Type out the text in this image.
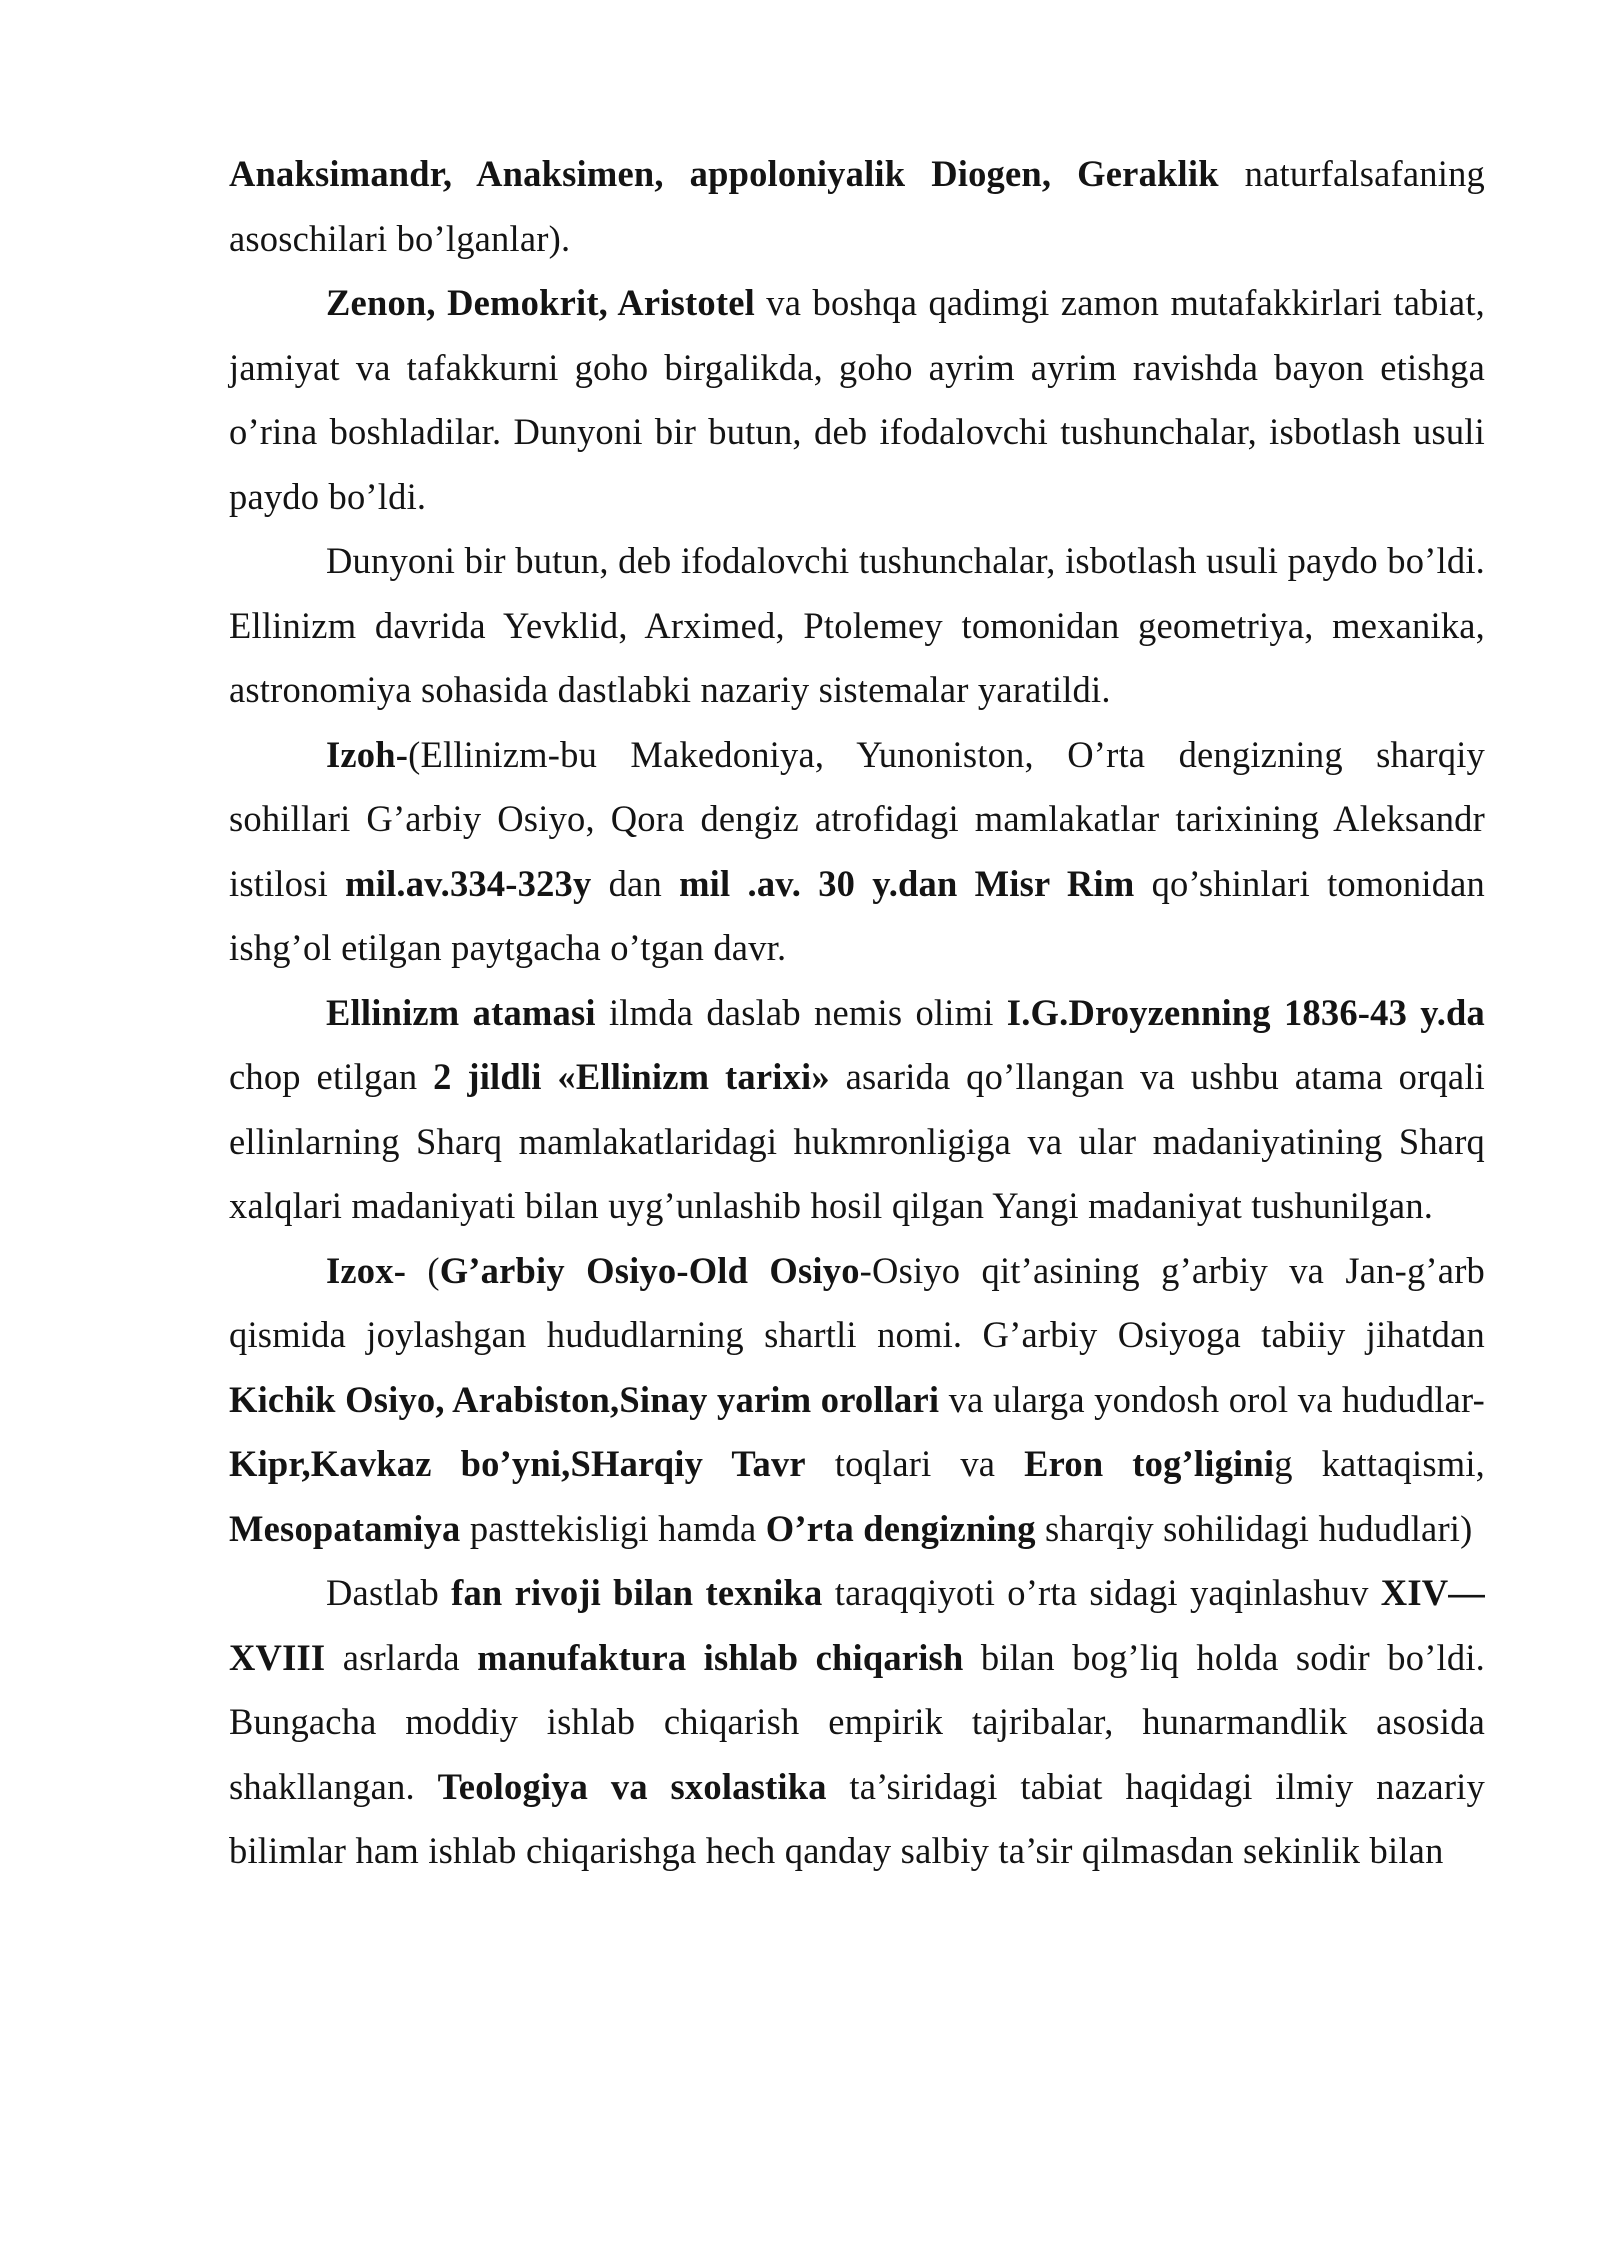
Anaksimandr, Anaksimen, appoloniyalik Diogen, Geraklik naturfalsafaning asoschilari bo’lganlar).

Zenon, Demokrit, Aristotel va boshqa qadimgi zamon mutafakkirlari tabiat, jamiyat va tafakkurni goho birgalikda, goho ayrim ayrim ravishda bayon etishga o’rina boshladilar. Dunyoni bir butun, deb ifodalovchi tushunchalar, isbotlash usuli paydo bo’ldi.

Dunyoni bir butun, deb ifodalovchi tushunchalar, isbotlash usuli paydo bo’ldi. Ellinizm davrida Yevklid, Arximed, Ptolemey tomonidan geometriya, mexanika, astronomiya sohasida dastlabki nazariy sistemalar yaratildi.

Izoh-(Ellinizm-bu Makedoniya, Yunoniston, O’rta dengizning sharqiy sohillari G’arbiy Osiyo, Qora dengiz atrofidagi mamlakatlar tarixining Aleksandr istilosi mil.av.334-323y dan mil .av. 30 y.dan Misr Rim qo’shinlari tomonidan ishg’ol etilgan paytgacha o’tgan davr.

Ellinizm atamasi ilmda daslab nemis olimi I.G.Droyzenning 1836-43 y.da chop etilgan 2 jildli «Ellinizm tarixi» asarida qo’llangan va ushbu atama orqali ellinlarning Sharq mamlakatlaridagi hukmronligiga va ular madaniyatining Sharq xalqlari madaniyati bilan uyg’unlashib hosil qilgan Yangi madaniyat tushunilgan.

Izox- (G’arbiy Osiyo-Old Osiyo-Osiyo qit’asining g’arbiy va Jan-g’arb qismida joylashgan hududlarning shartli nomi. G’arbiy Osiyoga tabiiy jihatdan Kichik Osiyo, Arabiston,Sinay yarim orollari va ularga yondosh orol va hududlar-Kipr,Kavkaz bo’yni,SHarqiy Tavr toqlari va Eron tog’liginig kattaqismi, Mesopatamiya pasttekisligi hamda O’rta dengizning sharqiy sohilidagi hududlari)

Dastlab fan rivoji bilan texnika taraqqiyoti o’rta sidagi yaqinlashuv XIV—XVIII asrlarda manufaktura ishlab chiqarish bilan bog’liq holda sodir bo’ldi. Bungacha moddiy ishlab chiqarish empirik tajribalar, hunarmandlik asosida shakllangan. Teologiya va sxolastika ta’siridagi tabiat haqidagi ilmiy nazariy bilimlar ham ishlab chiqarishga hech qanday salbiy ta’sir qilmasdan sekinlik bilan
